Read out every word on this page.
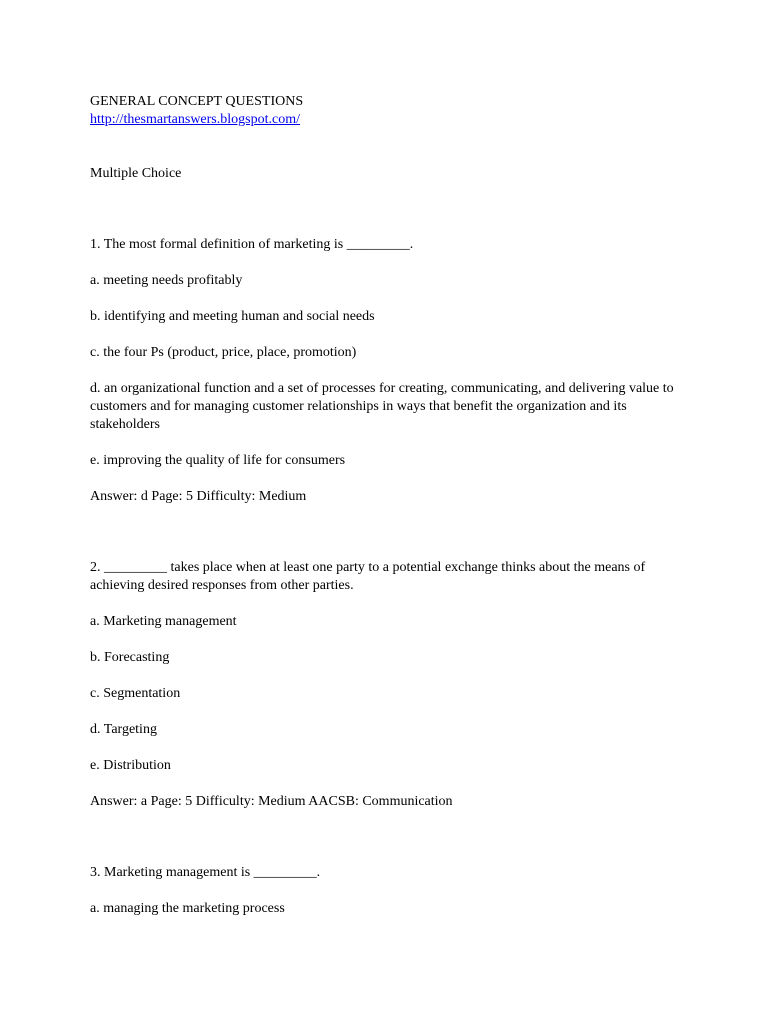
GENERAL CONCEPT QUESTIONS

http://thesmartanswers.blogspot.com/

Multiple Choice

1. The most formal definition of marketing is _________.

a. meeting needs profitably

b. identifying and meeting human and social needs

c. the four Ps (product, price, place, promotion)

d. an organizational function and a set of processes for creating, communicating, and delivering value to customers and for managing customer relationships in ways that benefit the organization and its stakeholders

e. improving the quality of life for consumers

Answer: d Page: 5 Difficulty: Medium

2. _________ takes place when at least one party to a potential exchange thinks about the means of achieving desired responses from other parties.

a. Marketing management

b. Forecasting

c. Segmentation

d. Targeting

e. Distribution

Answer: a Page: 5 Difficulty: Medium AACSB: Communication

3. Marketing management is _________.

a. managing the marketing process
